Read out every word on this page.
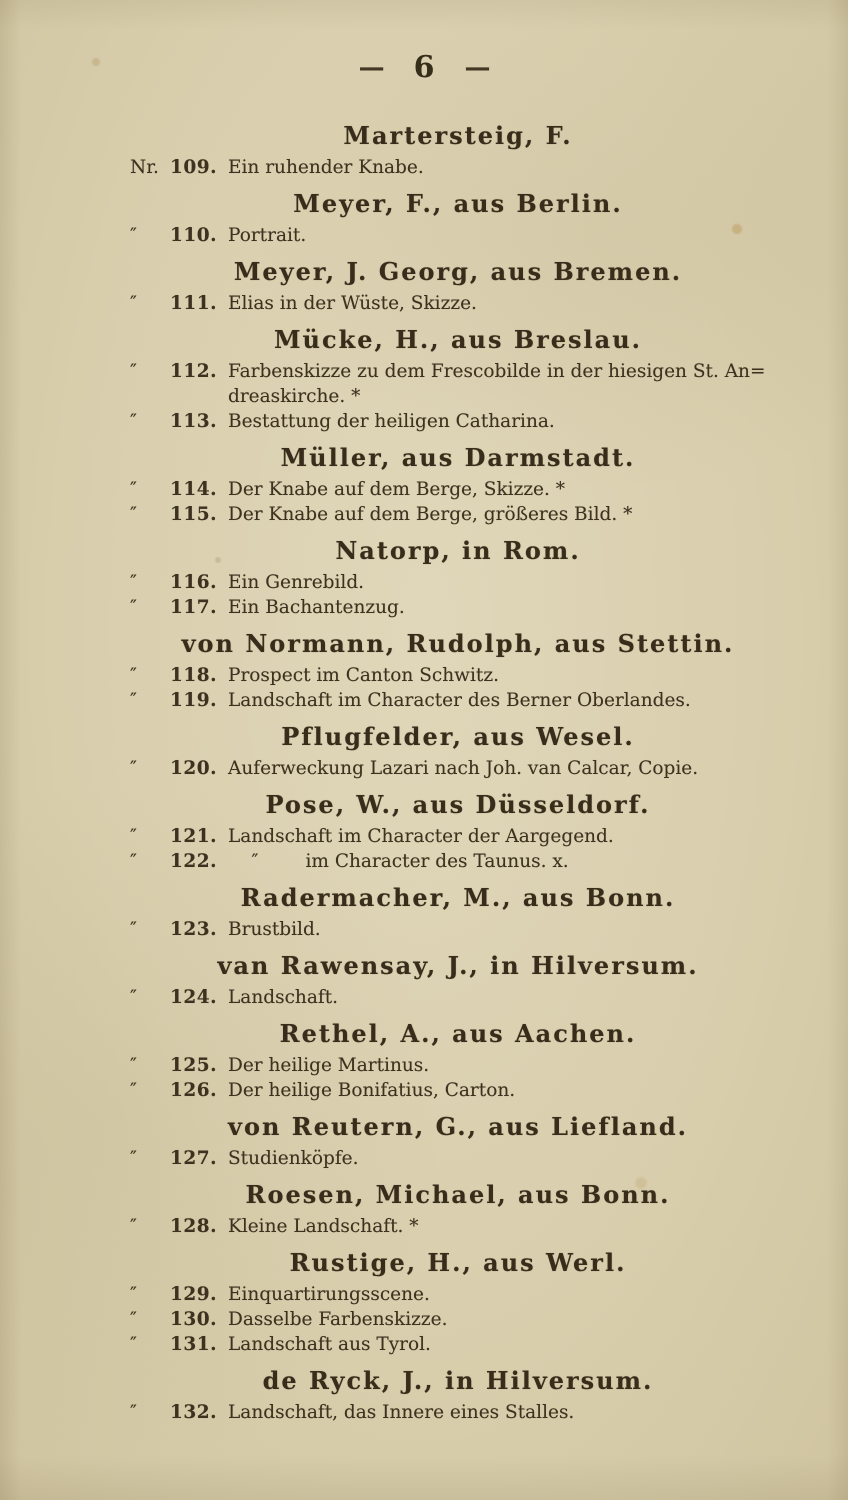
— 6 —
Martersteig, F.
Nr. 109. Ein ruhender Knabe.
Meyer, F., aus Berlin.
″	110. Portrait.
Meyer, J. Georg, aus Bremen.
″	111. Elias in der Wüste, Skizze.
Mücke, H., aus Breslau.
″	112. Farbenskizze zu dem Frescobilde in der hiesigen St. An=
dreaskirche. *
″	113. Bestattung der heiligen Catharina.
Müller, aus Darmstadt.
″	114. Der Knabe auf dem Berge, Skizze. *
″	115. Der Knabe auf dem Berge, größeres Bild. *
Natorp, in Rom.
″	116. Ein Genrebild.
″	117. Ein Bachantenzug.
von Normann, Rudolph, aus Stettin.
″	118. Prospect im Canton Schwitz.
″	119. Landschaft im Character des Berner Oberlandes.
Pflugfelder, aus Wesel.
″	120. Auferweckung Lazari nach Joh. van Calcar, Copie.
Pose, W., aus Düsseldorf.
″	121. Landschaft im Character der Aargegend.
″	122. ″        im Character des Taunus. x.
Radermacher, M., aus Bonn.
″	123. Brustbild.
van Rawensay, J., in Hilversum.
″	124. Landschaft.
Rethel, A., aus Aachen.
″	125. Der heilige Martinus.
″	126. Der heilige Bonifatius, Carton.
von Reutern, G., aus Liefland.
″	127. Studienköpfe.
Roesen, Michael, aus Bonn.
″	128. Kleine Landschaft. *
Rustige, H., aus Werl.
″	129. Einquartirungsscene.
″	130. Dasselbe Farbenskizze.
″	131. Landschaft aus Tyrol.
de Ryck, J., in Hilversum.
″	132. Landschaft, das Innere eines Stalles.
